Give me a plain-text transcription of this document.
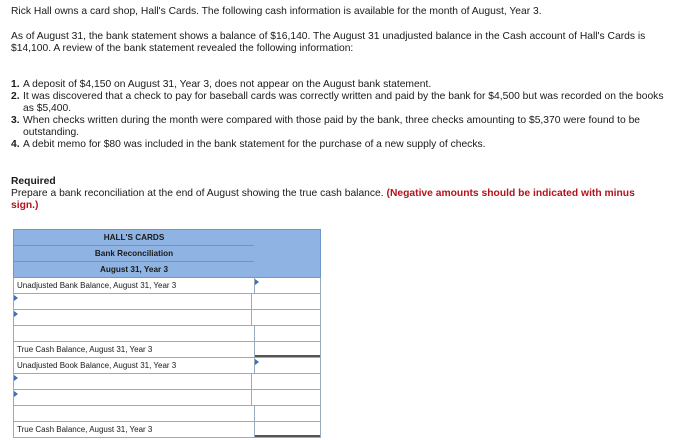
Rick Hall owns a card shop, Hall's Cards. The following cash information is available for the month of August, Year 3.
As of August 31, the bank statement shows a balance of $16,140. The August 31 unadjusted balance in the Cash account of Hall's Cards is $14,100. A review of the bank statement revealed the following information:
1. A deposit of $4,150 on August 31, Year 3, does not appear on the August bank statement.
2. It was discovered that a check to pay for baseball cards was correctly written and paid by the bank for $4,500 but was recorded on the books as $5,400.
3. When checks written during the month were compared with those paid by the bank, three checks amounting to $5,370 were found to be outstanding.
4. A debit memo for $80 was included in the bank statement for the purchase of a new supply of checks.
Required
Prepare a bank reconciliation at the end of August showing the true cash balance. (Negative amounts should be indicated with minus sign.)
HALL'S CARDS
Bank Reconciliation
August 31, Year 3
Unadjusted Bank Balance, August 31, Year 3
True Cash Balance, August 31, Year 3
Unadjusted Book Balance, August 31, Year 3
True Cash Balance, August 31, Year 3
